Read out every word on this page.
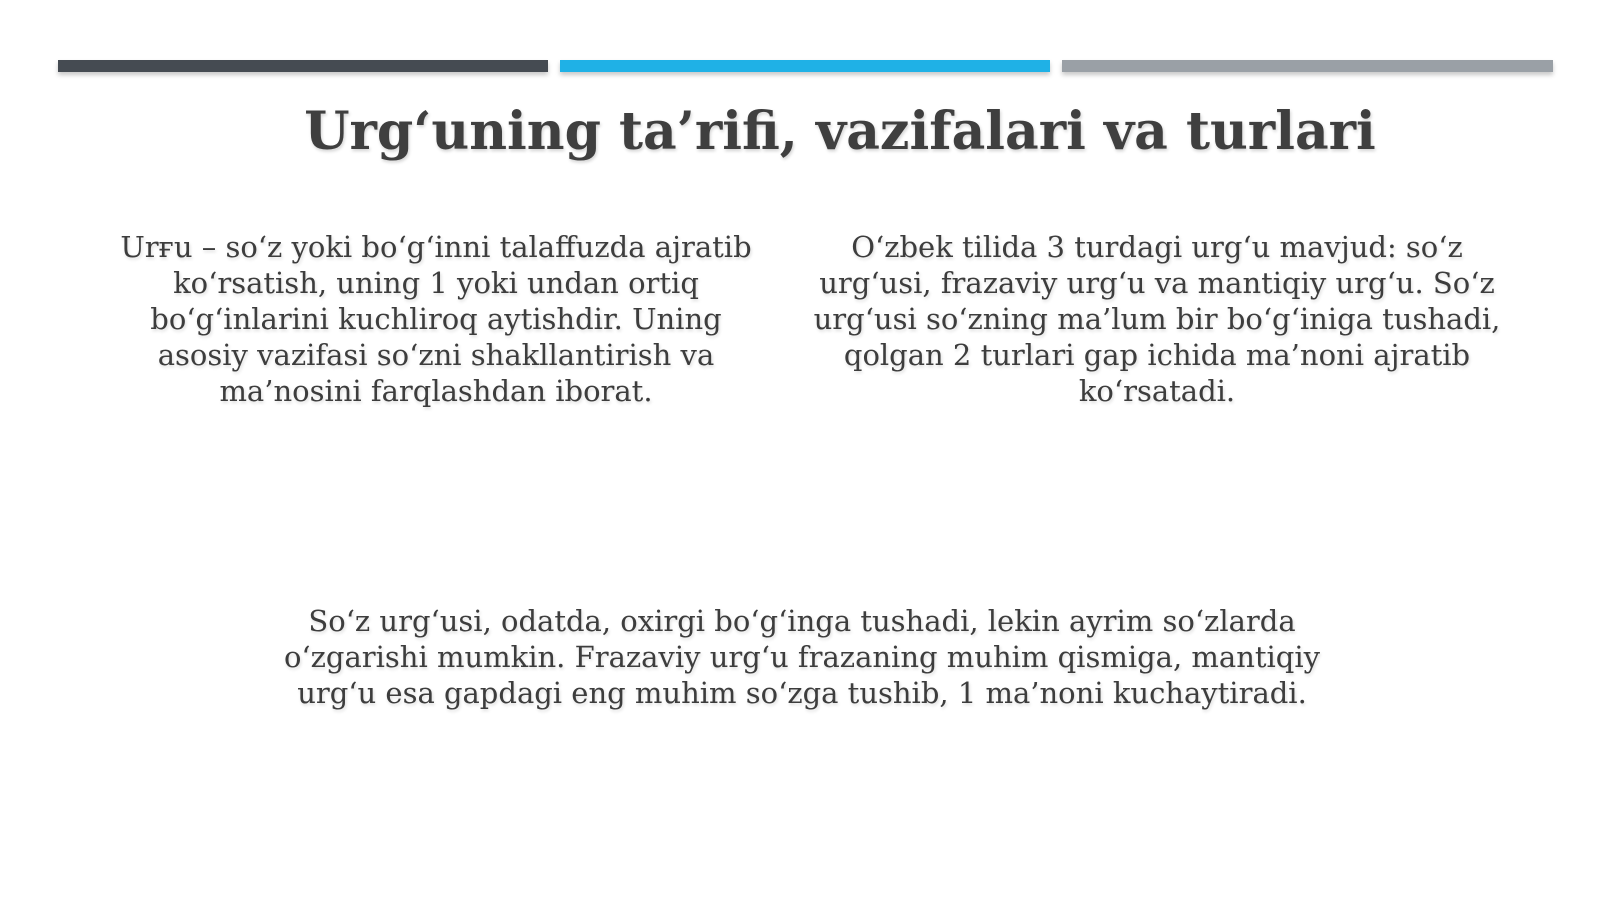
Urg‘uning ta’rifi, vazifalari va turlari
Urғu – so‘z yoki bo‘g‘inni talaffuzda ajratib ko‘rsatish, uning 1 yoki undan ortiq bo‘g‘inlarini kuchliroq aytishdir. Uning asosiy vazifasi so‘zni shakllantirish va ma’nosini farqlashdan iborat.
O‘zbek tilida 3 turdagi urg‘u mavjud: so‘z urg‘usi, frazaviy urg‘u va mantiqiy urg‘u. So‘z urg‘usi so‘zning ma’lum bir bo‘g‘iniga tushadi, qolgan 2 turlari gap ichida ma’noni ajratib ko‘rsatadi.
So‘z urg‘usi, odatda, oxirgi bo‘g‘inga tushadi, lekin ayrim so‘zlarda o‘zgarishi mumkin. Frazaviy urg‘u frazaning muhim qismiga, mantiqiy urg‘u esa gapdagi eng muhim so‘zga tushib, 1 ma’noni kuchaytiradi.
